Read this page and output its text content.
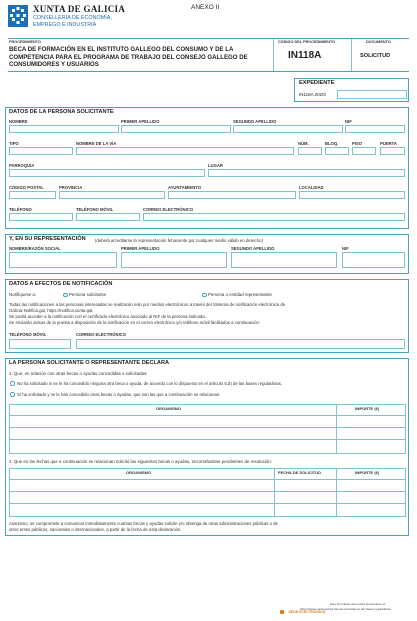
ANEXO II
XUNTA DE GALICIA
CONSELLERÍA DE ECONOMÍA,
EMPREGO E INDUSTRIA
PROCEDIMIENTO
BECA DE FORMACIÓN EN EL INSTITUTO GALLEGO DEL CONSUMO Y DE LA
COMPETENCIA PARA EL PROGRAMA DE TRABAJO DEL CONSEJO GALLEGO DE
CONSUMIDORES Y USUARIOS
CÓDIGO DEL PROCEDIMIENTO
IN118A
DOCUMENTO
SOLICITUD
EXPEDIENTE
IN118A 2020/
DATOS DE LA PERSONA SOLICITANTE
NOMBRE	PRIMER APELLIDO	SEGUNDO APELLIDO	NIF
TIPO	NOMBRE DE LA VÍA	NÚM.	BLOQ.	PISO	PUERTA
PARROQUIA	LUGAR
CÓDIGO POSTAL	PROVINCIA	AYUNTAMIENTO	LOCALIDAD
TELÉFONO	TELÉFONO MÓVIL	CORREO ELECTRÓNICO
Y, EN SU REPRESENTACIÓN (deberá acreditarse la representación fehaciente por cualquier medio válido en derecho)
NOMBRE/RAZÓN SOCIAL	PRIMER APELLIDO	SEGUNDO APELLIDO	NIF
DATOS A EFECTOS DE NOTIFICACIÓN
Notifíquese a:	Persona solicitante	Persona o entidad representante
Todas las notificaciones a las personas interesadas se realizarán solo por medios electrónicos a través del Sistema de notificación electrónica de
Galicia-Notifica.gal, https://notifica.xunta.gal.
Se podrá acceder a la notificación con el certificado electrónico asociado al NIF de la persona indicada.
Se enviarán avisos de la puesta a disposición de la notificación en el correo electrónico y/o teléfono móvil facilitados a continuación:
TELÉFONO MÓVIL	CORREO ELECTRÓNICO
LA PERSONA SOLICITANTE O REPRESENTANTE DECLARA
1. Que, en relación con otras becas o ayudas concedidas o solicitadas:
No ha solicitado ni se le ha concedido ninguna otra beca o ayuda, de acuerdo con lo dispuesto en el artículo 5.d) de las bases reguladoras.
Sí ha solicitado y se le han concedido otras becas o ayudas, que son las que a continuación se relacionan:
ORGANISMO	IMPORTE (€)
2. Que en las fechas que a continuación se relacionan solicitó las siguientes becas o ayudas, encontrándose pendientes de resolución:
ORGANISMO	FECHA DE SOLICITUD	IMPORTE (€)
Asimismo, se compromete a comunicar inmediatamente cuantas becas y ayudas solicite y/o obtenga de otras administraciones públicas o de
otros entes públicos, nacionales o internacionales, a partir de la fecha de esta declaración.
SEDE ELECTRÓNICA
Este formulario sólo podrá presentarse en
https://sede.xunta.gal las formas previstas en las bases reguladoras
